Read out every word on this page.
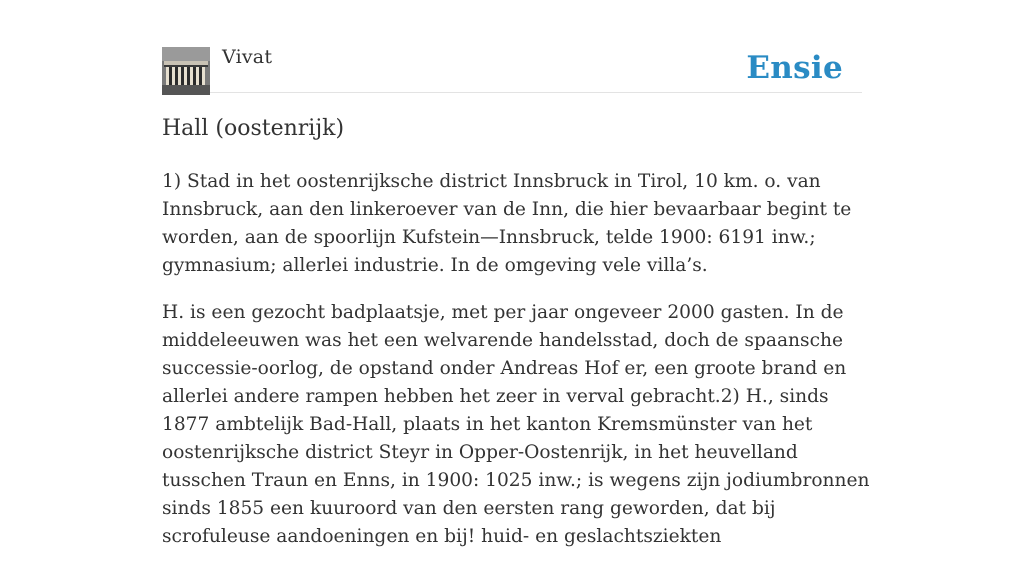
Vivat	Ensie
Hall (oostenrijk)

1) Stad in het oostenrijksche district Innsbruck in Tirol, 10 km. o. van Innsbruck, aan den linkeroever van de Inn, die hier bevaarbaar begint te worden, aan de spoorlijn Kufstein—Innsbruck, telde 1900: 6191 inw.; gymnasium; allerlei industrie. In de omgeving vele villa’s.

H. is een gezocht badplaatsje, met per jaar ongeveer 2000 gasten. In de middeleeuwen was het een welvarende handelsstad, doch de spaansche successie-oorlog, de opstand onder Andreas Hof er, een groote brand en allerlei andere rampen hebben het zeer in verval gebracht.2) H., sinds 1877 ambtelijk Bad-Hall, plaats in het kanton Kremsmünster van het oostenrijksche district Steyr in Opper-Oostenrijk, in het heuvelland tusschen Traun en Enns, in 1900: 1025 inw.; is wegens zijn jodiumbronnen sinds 1855 een kuuroord van den eersten rang geworden, dat bij scrofuleuse aandoeningen en bij! huid- en geslachtsziekten
